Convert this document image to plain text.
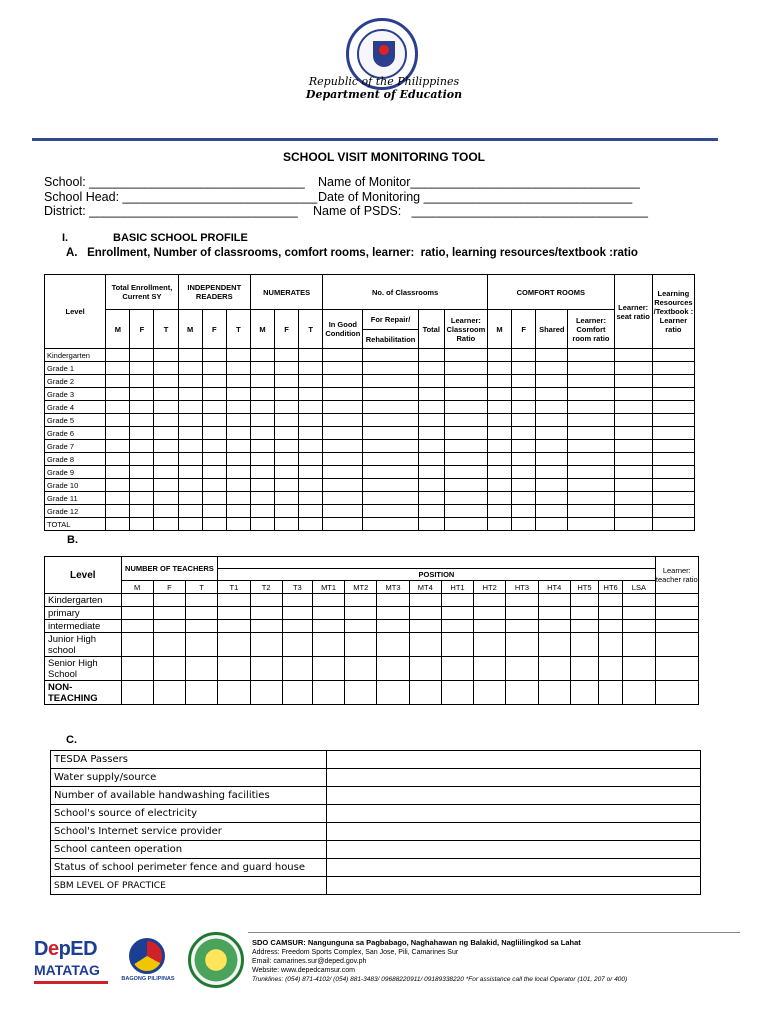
Republic of the Philippines
Department of Education
SCHOOL VISIT MONITORING TOOL
School: _______________________________ Name of Monitor_________________________________
School Head: ____________________________ Date of Monitoring ______________________________
District: ______________________________ Name of PSDS:   __________________________________
I.	BASIC SCHOOL PROFILE
A.   Enrollment, Number of classrooms, comfort rooms, learner:  ratio, learning resources/textbook :ratio
Level	Total Enrollment, Current SY			INDEPENDENT READERS			NUMERATES			No. of Classrooms				COMFORT ROOMS				Learner: seat ratio	Learning Resources /Textbook : Learner ratio
	M	F	T	M	F	T	M	F	T	In Good Condition	For Repair/	Total	Learner: Classroom Ratio	M	F	Shared	Learner: Comfort room ratio		
											Rehabilitation								
Kindergarten																			
Grade 1																			
Grade 2																			
Grade 3																			
Grade 4																			
Grade 5																			
Grade 6																			
Grade 7																			
Grade 8																			
Grade 9																			
Grade 10																			
Grade 11																			
Grade 12																			
TOTAL																			
B.
Level	NUMBER OF TEACHERS																	Learner: teacher ratio
				POSITION														
	M	F	T	T1	T2	T3	MT1	MT2	MT3	MT4	HT1	HT2	HT3	HT4	HT5	HT6	LSA	
Kindergarten																		
primary																		
intermediate																		
Junior High school																		
Senior High School																		
NON-TEACHING																		
C.
TESDA Passers	
Water supply/source	
Number of available handwashing facilities	
School's source of electricity	
School's Internet service provider	
School canteen operation	
Status of school perimeter fence and guard house	
SBM LEVEL OF PRACTICE	
DepED
MATATAG
BAGONG PILIPINAS
SDO CAMSUR: Nangunguna sa Pagbabago, Naghahawan ng Balakid, Nagliilingkod sa Lahat
Address: Freedom Sports Complex, San Jose, Pili, Camarines Sur
Email: camarines.sur@deped.gov.ph
Website: www.depedcamsur.com
Trunklines: (054) 871-4102/ (054) 881-3483/ 09688220911/ 09189338220 *For assistance call the local Operator (101, 207 or 400)
